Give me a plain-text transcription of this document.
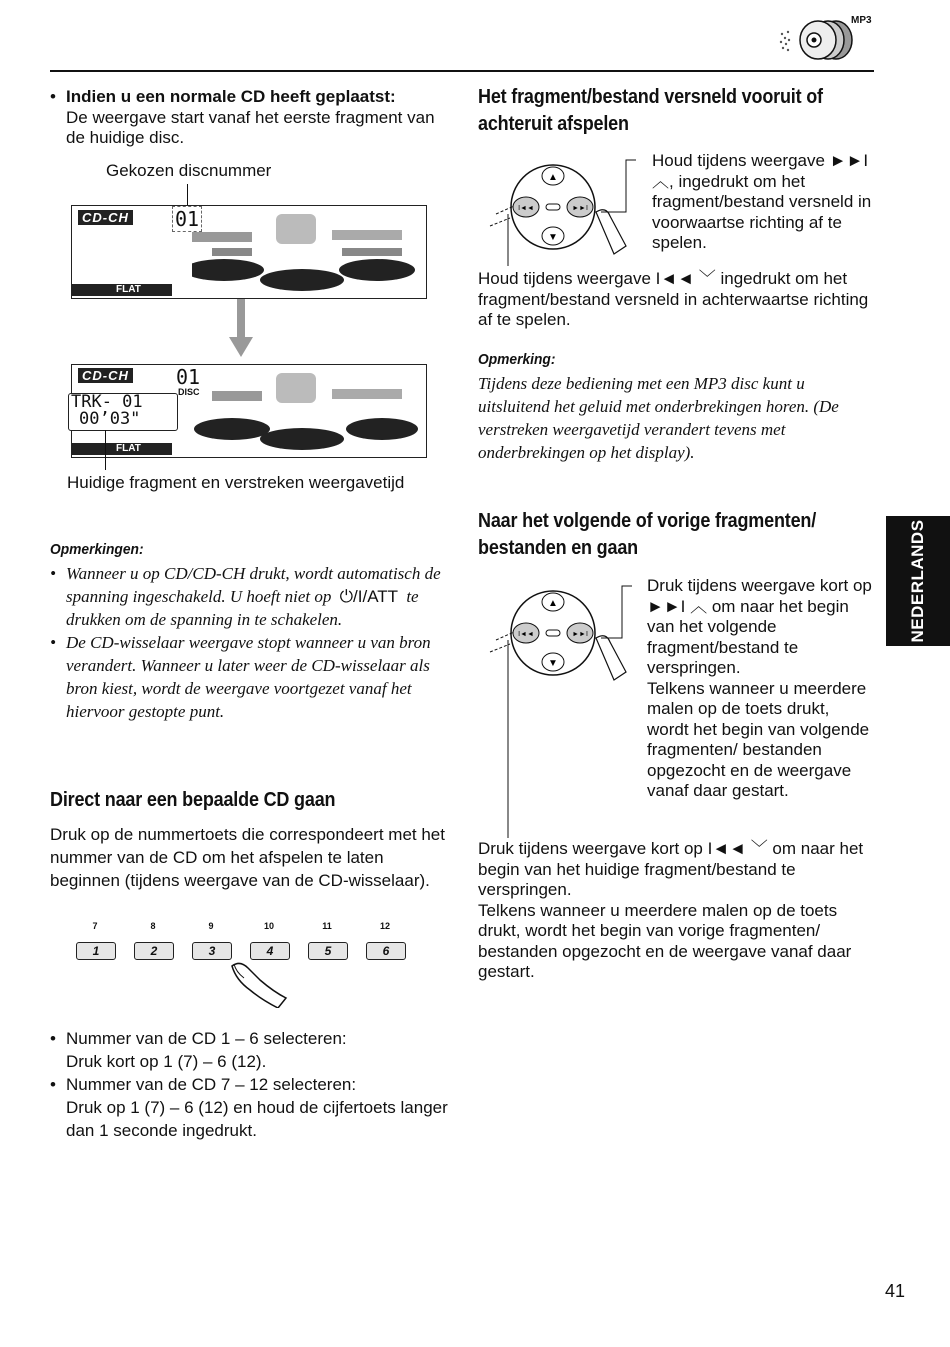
MP3
• Indien u een normale CD heeft geplaatst:
De weergave start vanaf het eerste fragment van de huidige disc.
Gekozen discnummer
CD-CH 01
FLAT
CD-CH 01
DISC
TRK- 01
00’03"
FLAT
Huidige fragment en verstreken weergavetijd
Opmerkingen:
• Wanneer u op CD/CD-CH drukt, wordt automatisch de spanning ingeschakeld. U hoeft niet op ⏻/I/ATT te drukken om de spanning in te schakelen.
• De CD-wisselaar weergave stopt wanneer u van bron verandert. Wanneer u later weer de CD-wisselaar als bron kiest, wordt de weergave voortgezet vanaf het hiervoor gestopte punt.
Direct naar een bepaalde CD gaan
Druk op de nummertoets die correspondeert met het nummer van de CD om het afspelen te laten beginnen (tijdens weergave van de CD-wisselaar).
7	8	9	10	11	12
1	2	3	4	5	6
• Nummer van de CD 1 – 6 selecteren:
Druk kort op 1 (7) – 6 (12).
• Nummer van de CD 7 – 12 selecteren:
Druk op 1 (7) – 6 (12) en houd de cijfertoets langer dan 1 seconde ingedrukt.
Het fragment/bestand versneld vooruit of achteruit afspelen
▲
▼
I◄◄	►►I
Houd tijdens weergave ►►I ︿, ingedrukt om het fragment/bestand versneld in voorwaartse richting af te spelen.
Houd tijdens weergave I◄◄ ﹀ ingedrukt om het fragment/bestand versneld in achterwaartse richting af te spelen.
Opmerking:
Tijdens deze bediening met een MP3 disc kunt u uitsluitend het geluid met onderbrekingen horen. (De verstreken weergavetijd verandert tevens met onderbrekingen op het display).
Naar het volgende of vorige fragmenten/ bestanden en gaan
▲
▼
I◄◄	►►I
Druk tijdens weergave kort op ►►I ︿ om naar het begin van het volgende fragment/bestand te verspringen.
Telkens wanneer u meerdere malen op de toets drukt, wordt het begin van volgende fragmenten/ bestanden opgezocht en de weergave vanaf daar gestart.
Druk tijdens weergave kort op I◄◄ ﹀ om naar het begin van het huidige fragment/bestand te verspringen.
Telkens wanneer u meerdere malen op de toets drukt, wordt het begin van vorige fragmenten/ bestanden opgezocht en de weergave vanaf daar gestart.
NEDERLANDS
41
